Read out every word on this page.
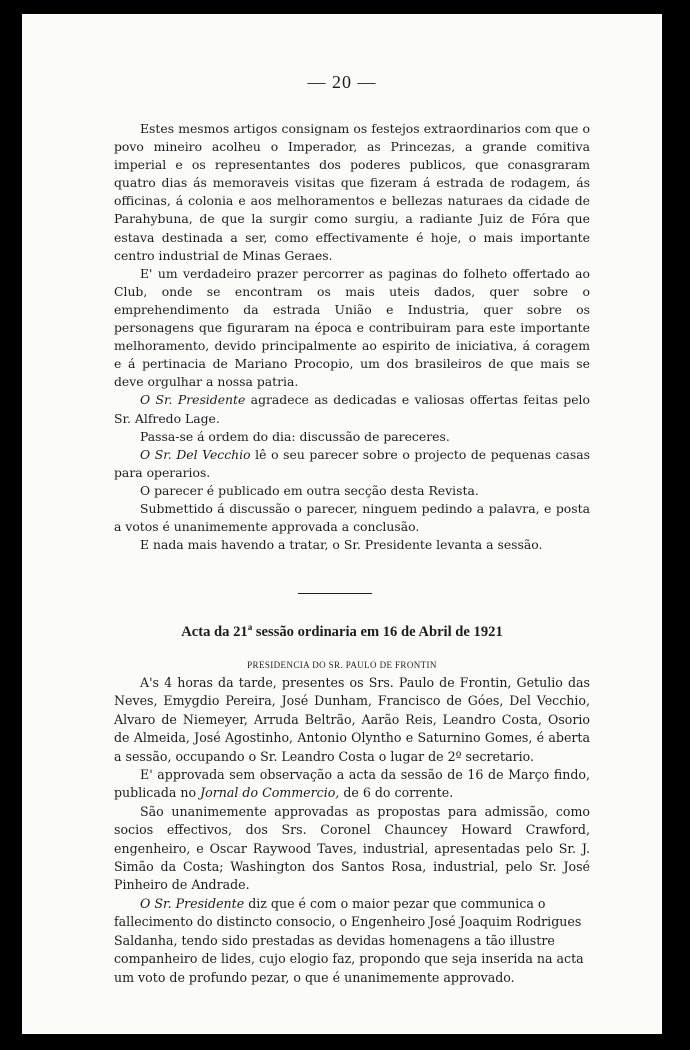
— 20 —

Estes mesmos artigos consignam os festejos extraordinarios com que o povo mineiro acolheu o Imperador, as Princezas, a grande comitiva imperial e os representantes dos poderes publicos, que conasgraram quatro dias ás memoraveis visitas que fizeram á estrada de rodagem, ás officinas, á colonia e aos melhoramentos e bellezas naturaes da cidade de Parahybuna, de que la surgir como surgiu, a radiante Juiz de Fóra que estava destinada a ser, como effectivamente é hoje, o mais importante centro industrial de Minas Geraes.

E' um verdadeiro prazer percorrer as paginas do folheto offertado ao Club, onde se encontram os mais uteis dados, quer sobre o emprehendimento da estrada União e Industria, quer sobre os personagens que figuraram na época e contribuiram para este importante melhoramento, devido principalmente ao espirito de iniciativa, á coragem e á pertinacia de Mariano Procopio, um dos brasileiros de que mais se deve orgulhar a nossa patria.

O Sr. Presidente agradece as dedicadas e valiosas offertas feitas pelo Sr. Alfredo Lage.

Passa-se á ordem do dia: discussão de pareceres.

O Sr. Del Vecchio lê o seu parecer sobre o projecto de pequenas casas para operarios.

O parecer é publicado em outra secção desta Revista.

Submettido á discussão o parecer, ninguem pedindo a palavra, e posta a votos é unanimemente approvada a conclusão.

E nada mais havendo a tratar, o Sr. Presidente levanta a sessão.

Acta da 21$^a$ sessão ordinaria em 16 de Abril de 1921
PRESIDENCIA DO SR. PAULO DE FRONTIN

A's 4 horas da tarde, presentes os Srs. Paulo de Frontin, Getulio das Neves, Emygdio Pereira, José Dunham, Francisco de Góes, Del Vecchio, Alvaro de Niemeyer, Arruda Beltrão, Aarão Reis, Leandro Costa, Osorio de Almeida, José Agostinho, Antonio Olyntho e Saturnino Gomes, é aberta a sessão, occupando o Sr. Leandro Costa o lugar de 2º secretario.

E' approvada sem observação a acta da sessão de 16 de Março findo, publicada no Jornal do Commercio, de 6 do corrente.

São unanimemente approvadas as propostas para admissão, como socios effectivos, dos Srs. Coronel Chauncey Howard Crawford, engenheiro, e Oscar Raywood Taves, industrial, apresentadas pelo Sr. J. Simão da Costa; Washington dos Santos Rosa, industrial, pelo Sr. José Pinheiro de Andrade.

O Sr. Presidente diz que é com o maior pezar que communica o fallecimento do distincto consocio, o Engenheiro José Joaquim Rodrigues Saldanha, tendo sido prestadas as devidas homenagens a tão illustre companheiro de lides, cujo elogio faz, propondo que seja inserida na acta um voto de profundo pezar, o que é unanimemente approvado.
